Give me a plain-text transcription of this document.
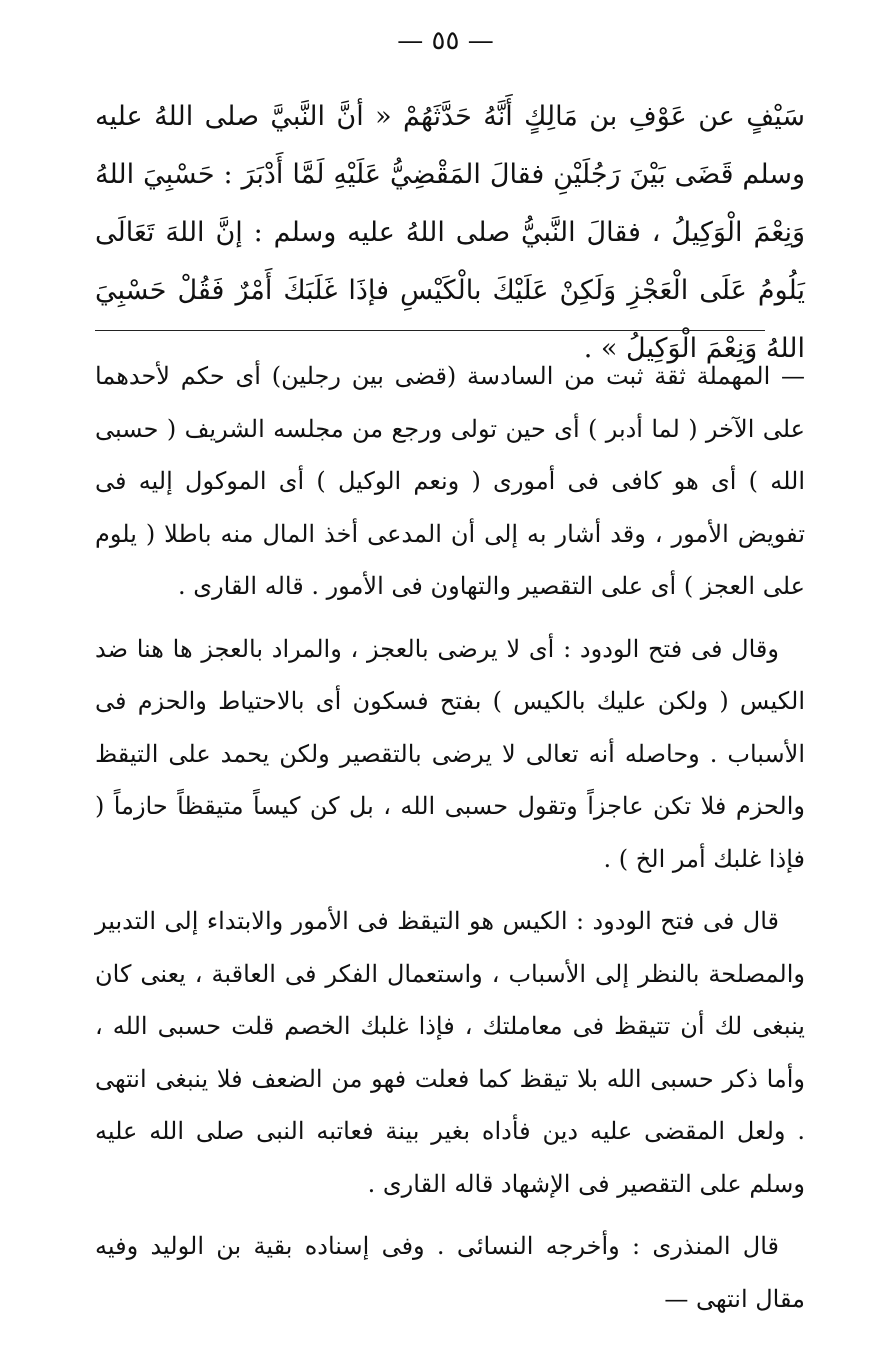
— ٥٥ —
سَيْفٍ عن عَوْفِ بن مَالِكٍ أَنَّهُ حَدَّثَهُمْ « أنَّ النَّبيَّ صلى اللهُ عليه وسلم قَضَى بَيْنَ رَجُلَيْنِ فقالَ المَقْضِيُّ عَلَيْهِ لَمَّا أَدْبَرَ : حَسْبِيَ اللهُ وَنِعْمَ الْوَكِيلُ ، فقالَ النَّبيُّ صلى اللهُ عليه وسلم : إنَّ اللهَ تَعَالَى يَلُومُ عَلَى الْعَجْزِ وَلَكِنْ عَلَيْكَ بالْكَيْسِ فإذَا غَلَبَكَ أَمْرٌ فَقُلْ حَسْبِيَ اللهُ وَنِعْمَ الْوَكِيلُ » .

— المهملة ثقة ثبت من السادسة (قضى بين رجلين) أى حكم لأحدهما على الآخر ( لما أدبر ) أى حين تولى ورجع من مجلسه الشريف ( حسبى الله ) أى هو كافى فى أمورى ( ونعم الوكيل ) أى الموكول إليه فى تفويض الأمور ، وقد أشار به إلى أن المدعى أخذ المال منه باطلا ( يلوم على العجز ) أى على التقصير والتهاون فى الأمور . قاله القارى .

وقال فى فتح الودود : أى لا يرضى بالعجز ، والمراد بالعجز ها هنا ضد الكيس ( ولكن عليك بالكيس ) بفتح فسكون أى بالاحتياط والحزم فى الأسباب . وحاصله أنه تعالى لا يرضى بالتقصير ولكن يحمد على التيقظ والحزم فلا تكن عاجزاً وتقول حسبى الله ، بل كن كيساً متيقظاً حازماً ( فإذا غلبك أمر الخ ) .

قال فى فتح الودود : الكيس هو التيقظ فى الأمور والابتداء إلى التدبير والمصلحة بالنظر إلى الأسباب ، واستعمال الفكر فى العاقبة ، يعنى كان ينبغى لك أن تتيقظ فى معاملتك ، فإذا غلبك الخصم قلت حسبى الله ، وأما ذكر حسبى الله بلا تيقظ كما فعلت فهو من الضعف فلا ينبغى انتهى . ولعل المقضى عليه دين فأداه بغير بينة فعاتبه النبى صلى الله عليه وسلم على التقصير فى الإشهاد قاله القارى .

قال المنذرى : وأخرجه النسائى . وفى إسناده بقية بن الوليد وفيه مقال انتهى —
